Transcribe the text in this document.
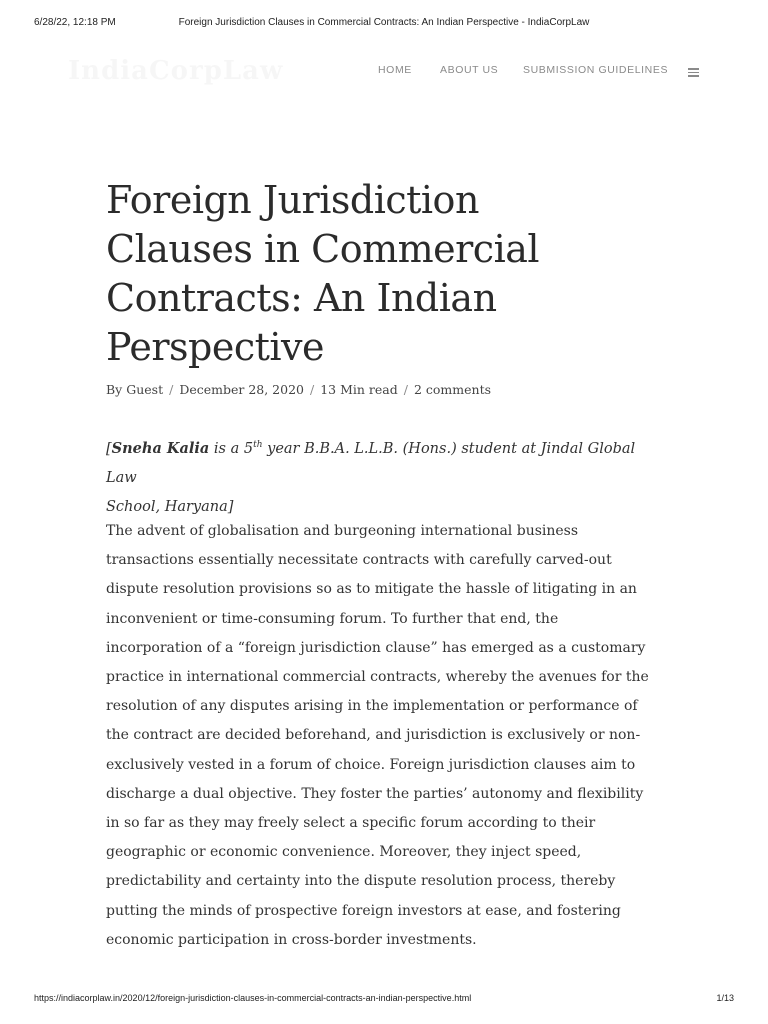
6/28/22, 12:18 PM	Foreign Jurisdiction Clauses in Commercial Contracts: An Indian Perspective - IndiaCorpLaw
HOME	ABOUT US SUBMISSION GUIDELINES
Foreign Jurisdiction
Clauses in Commercial
Contracts: An Indian
Perspective
By Guest / December 28, 2020 / 13 Min read / 2 comments

[Sneha Kalia is a 5th year B.B.A. L.L.B. (Hons.) student at Jindal Global Law
School, Haryana]

The advent of globalisation and burgeoning international business
transactions essentially necessitate contracts with carefully carved-out
dispute resolution provisions so as to mitigate the hassle of litigating in an
inconvenient or time-consuming forum. To further that end, the
incorporation of a “foreign jurisdiction clause” has emerged as a customary
practice in international commercial contracts, whereby the avenues for the
resolution of any disputes arising in the implementation or performance of
the contract are decided beforehand, and jurisdiction is exclusively or non-
exclusively vested in a forum of choice. Foreign jurisdiction clauses aim to
discharge a dual objective. They foster the parties’ autonomy and flexibility
in so far as they may freely select a specific forum according to their
geographic or economic convenience. Moreover, they inject speed,
predictability and certainty into the dispute resolution process, thereby
putting the minds of prospective foreign investors at ease, and fostering
economic participation in cross-border investments.

https://indiacorplaw.in/2020/12/foreign-jurisdiction-clauses-in-commercial-contracts-an-indian-perspective.html	1/13
